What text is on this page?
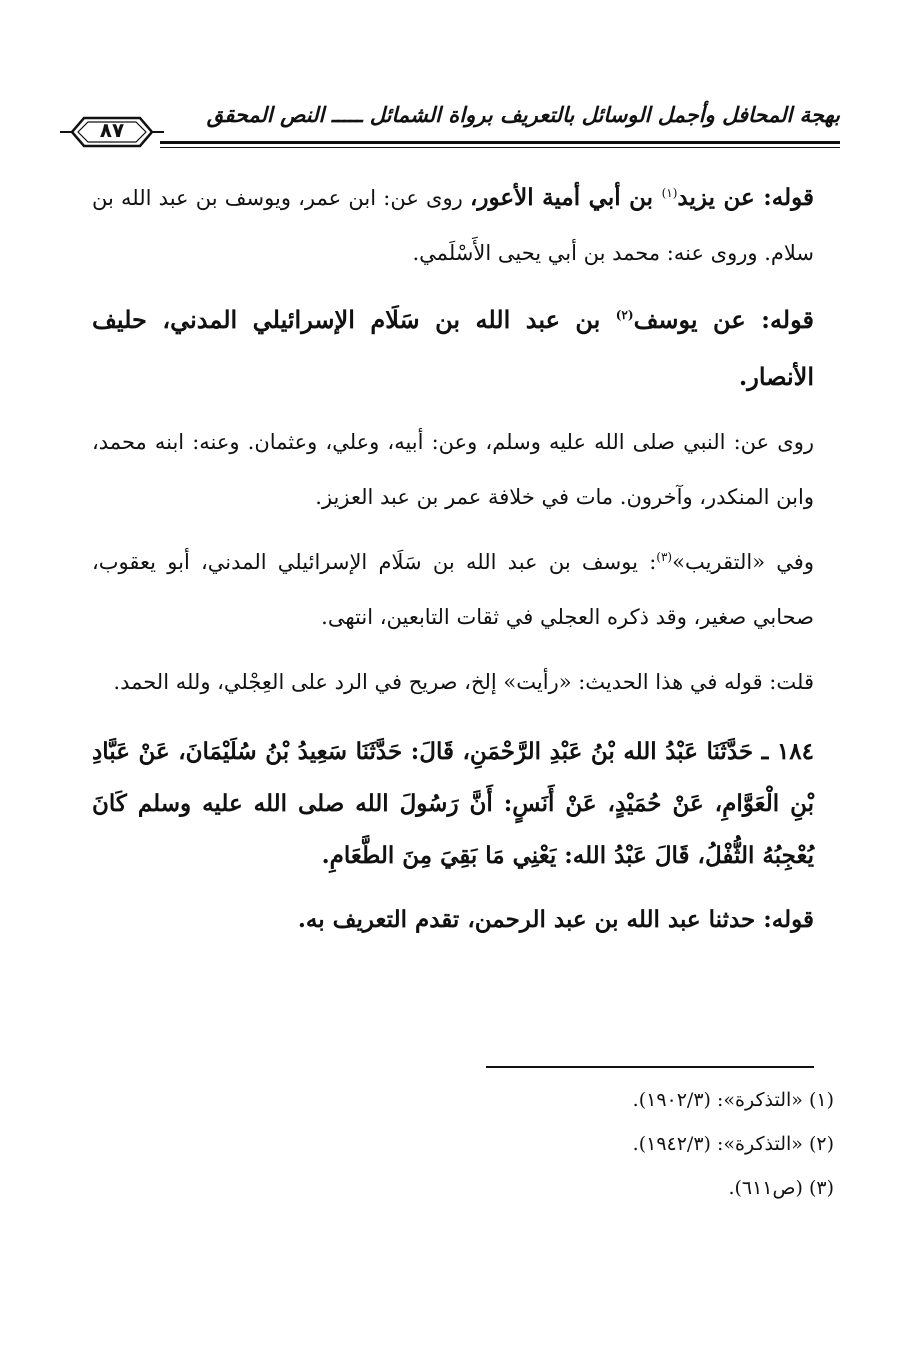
بهجة المحافل وأجمل الوسائل بالتعريف برواة الشمائل ـــــ النص المحقق
٨٧

قوله: عن يزيد$^{(١)}$ بن أبي أمية الأعور، روى عن: ابن عمر، ويوسف بن عبد الله بن سلام. وروى عنه: محمد بن أبي يحيى الأَسْلَمي.

قوله: عن يوسف$^{(٢)}$ بن عبد الله بن سَلَام الإسرائيلي المدني، حليف الأنصار.

روى عن: النبي صلى الله عليه وسلم، وعن: أبيه، وعلي، وعثمان. وعنه: ابنه محمد، وابن المنكدر، وآخرون. مات في خلافة عمر بن عبد العزيز.

وفي «التقريب»$^{(٣)}$: يوسف بن عبد الله بن سَلَام الإسرائيلي المدني، أبو يعقوب، صحابي صغير، وقد ذكره العجلي في ثقات التابعين، انتهى.

قلت: قوله في هذا الحديث: «رأيت» إلخ، صريح في الرد على العِجْلي، ولله الحمد.

١٨٤ ـ حَدَّثَنَا عَبْدُ الله بْنُ عَبْدِ الرَّحْمَنِ، قَالَ: حَدَّثَنَا سَعِيدُ بْنُ سُلَيْمَانَ، عَنْ عَبَّادِ بْنِ الْعَوَّامِ، عَنْ حُمَيْدٍ، عَنْ أَنَسٍ: أَنَّ رَسُولَ الله صلى الله عليه وسلم كَانَ يُعْجِبُهُ الثُّفْلُ، قَالَ عَبْدُ الله: يَعْنِي مَا بَقِيَ مِنَ الطَّعَامِ.

قوله: حدثنا عبد الله بن عبد الرحمن، تقدم التعريف به.

(١) «التذكرة»: (١٩٠٢/٣).
(٢) «التذكرة»: (١٩٤٢/٣).
(٣) (ص٦١١).
